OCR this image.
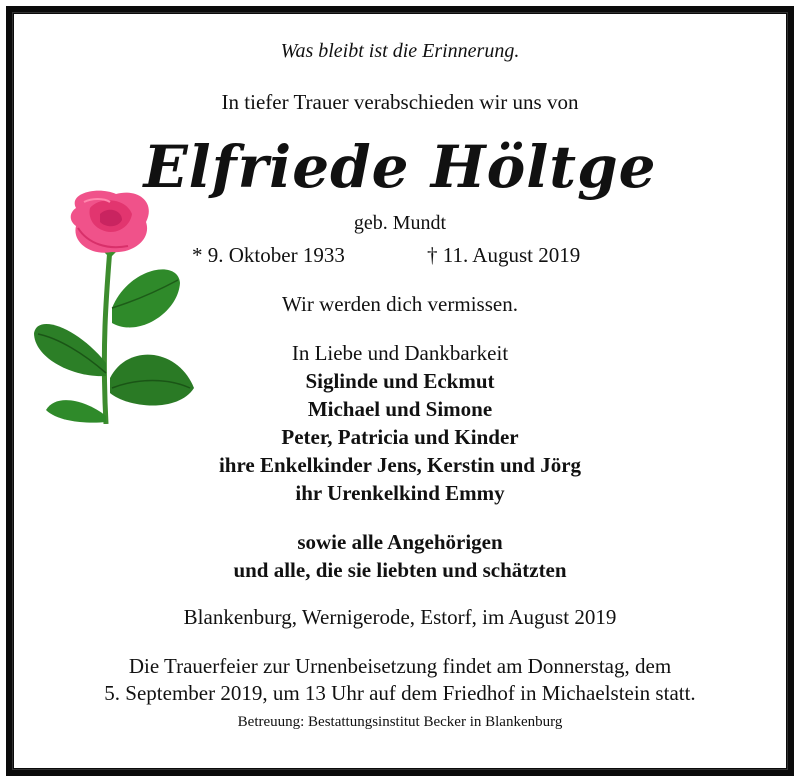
Was bleibt ist die Erinnerung.
In tiefer Trauer verabschieden wir uns von
Elfriede Höltge
geb. Mundt
* 9. Oktober 1933	† 11. August 2019
Wir werden dich vermissen.
In Liebe und Dankbarkeit
Siglinde und Eckmut
Michael und Simone
Peter, Patricia und Kinder
ihre Enkelkinder Jens, Kerstin und Jörg
ihr Urenkelkind Emmy
sowie alle Angehörigen
und alle, die sie liebten und schätzten
Blankenburg, Wernigerode, Estorf, im August 2019
Die Trauerfeier zur Urnenbeisetzung findet am Donnerstag, dem
5. September 2019, um 13 Uhr auf dem Friedhof in Michaelstein statt.
Betreuung: Bestattungsinstitut Becker in Blankenburg
